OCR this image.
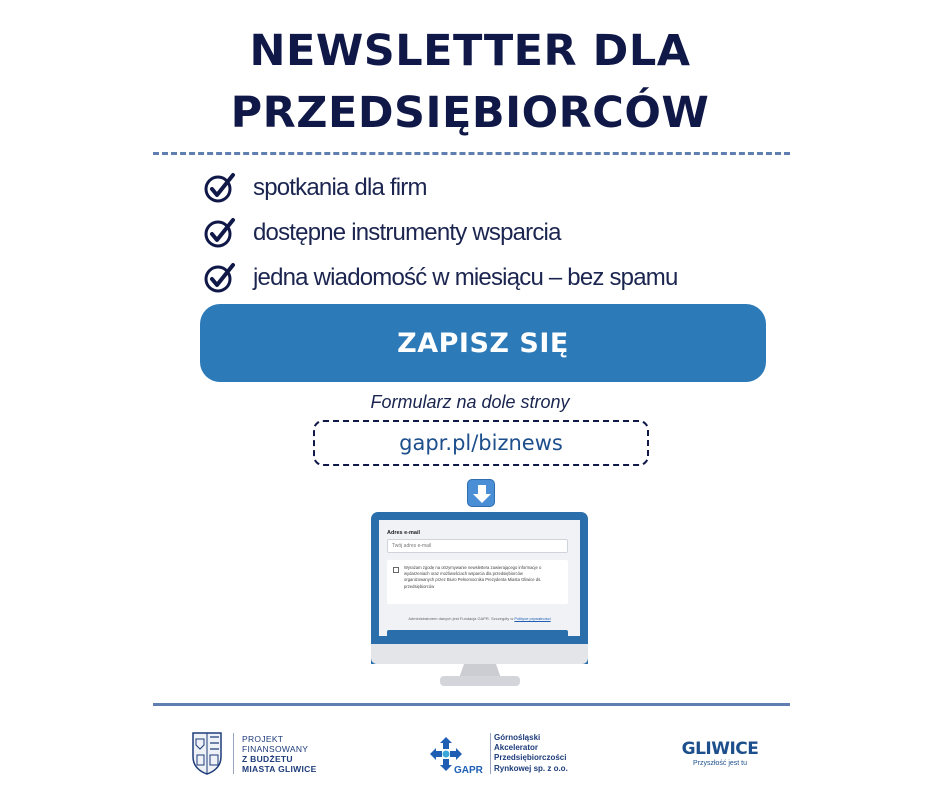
NEWSLETTER DLA
PRZEDSIĘBIORCÓW
spotkania dla firm
dostępne instrumenty wsparcia
jedna wiadomość w miesiącu – bez spamu
ZAPISZ SIĘ
Formularz na dole strony
gapr.pl/biznews
Adres e-mail
Twój adres e-mail
Wyrażam zgodę na otrzymywanie newslettera zawierającego informacje o wydarzeniach oraz możliwościach wsparcia dla przedsiębiorców organizowanych przez Biuro Pełnomocnika Prezydenta Miasta Gliwice ds. przedsiębiorców
Administratorem danych jest Fundacja GAPR. Szczegóły w Polityce prywatności
PROJEKT
FINANSOWANY
Z BUDŻETU
MIASTA GLIWICE	GAPR
Górnośląski
Akcelerator
Przedsiębiorczości
Rynkowej sp. z o.o.
GLIWICE
Przyszłość jest tu
